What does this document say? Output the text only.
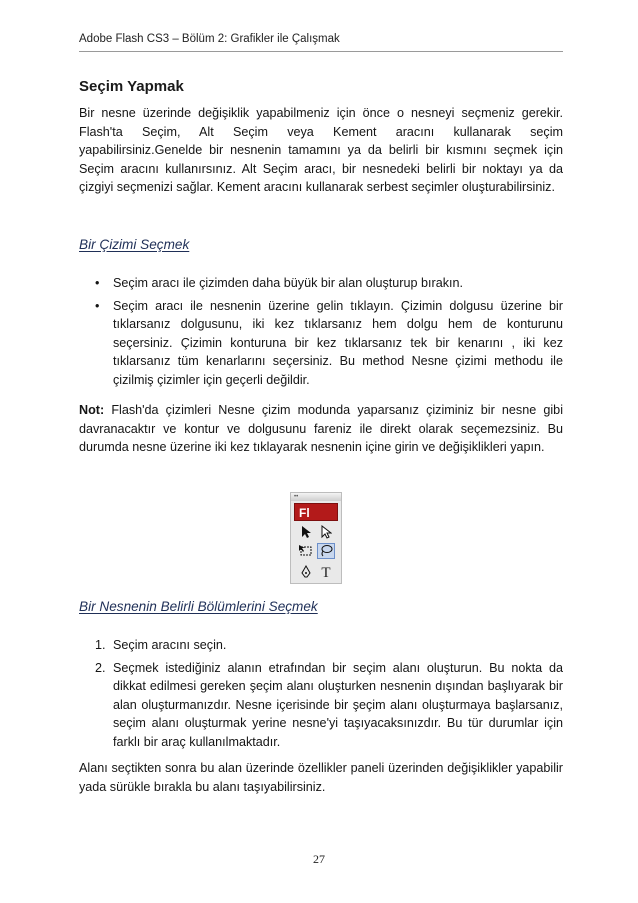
Adobe Flash CS3 – Bölüm 2: Grafikler ile Çalışmak
Seçim Yapmak

Bir nesne üzerinde değişiklik yapabilmeniz için önce o nesneyi seçmeniz gerekir. Flash'ta Seçim, Alt Seçim veya Kement aracını kullanarak seçim yapabilirsiniz.Genelde bir nesnenin tamamını ya da belirli bir kısmını seçmek için Seçim aracını kullanırsınız. Alt Seçim aracı, bir nesnedeki belirli bir noktayı ya da çizgiyi seçmenizi sağlar. Kement aracını kullanarak serbest seçimler oluşturabilirsiniz.

Bir Çizimi Seçmek
• Seçim aracı ile çizimden daha büyük bir alan oluşturup bırakın.
• Seçim aracı ile nesnenin üzerine gelin tıklayın. Çizimin dolgusu üzerine bir tıklarsanız dolgusunu, iki kez tıklarsanız hem dolgu hem de konturunu seçersiniz. Çizimin konturuna bir kez tıklarsanız tek bir kenarını , iki kez tıklarsanız tüm kenarlarını seçersiniz. Bu method Nesne çizimi methodu ile çizilmiş çizimler için geçerli değildir.

Not: Flash'da çizimleri Nesne çizim modunda yaparsanız çiziminiz bir nesne gibi davranacaktır ve kontur ve dolgusunu fareniz ile direkt olarak seçemezsiniz. Bu durumda nesne üzerine iki kez tıklayarak nesnenin içine girin ve değişiklikleri yapın.

••
Fl
T
Bir Nesnenin Belirli Bölümlerini Seçmek
1. Seçim aracını seçin.
2. Seçmek istediğiniz alanın etrafından bir seçim alanı oluşturun. Bu nokta da dikkat edilmesi gereken şeçim alanı oluşturken nesnenin dışından başlıyarak bir alan oluşturmanızdır. Nesne içerisinde bir şeçim alanı oluşturmaya başlarsanız, seçim alanı oluşturmak yerine nesne'yi taşıyacaksınızdır. Bu tür durumlar için farklı bir araç kullanılmaktadır.

Alanı seçtikten sonra bu alan üzerinde özellikler paneli üzerinden değişiklikler yapabilir yada sürükle bırakla bu alanı taşıyabilirsiniz.

27
